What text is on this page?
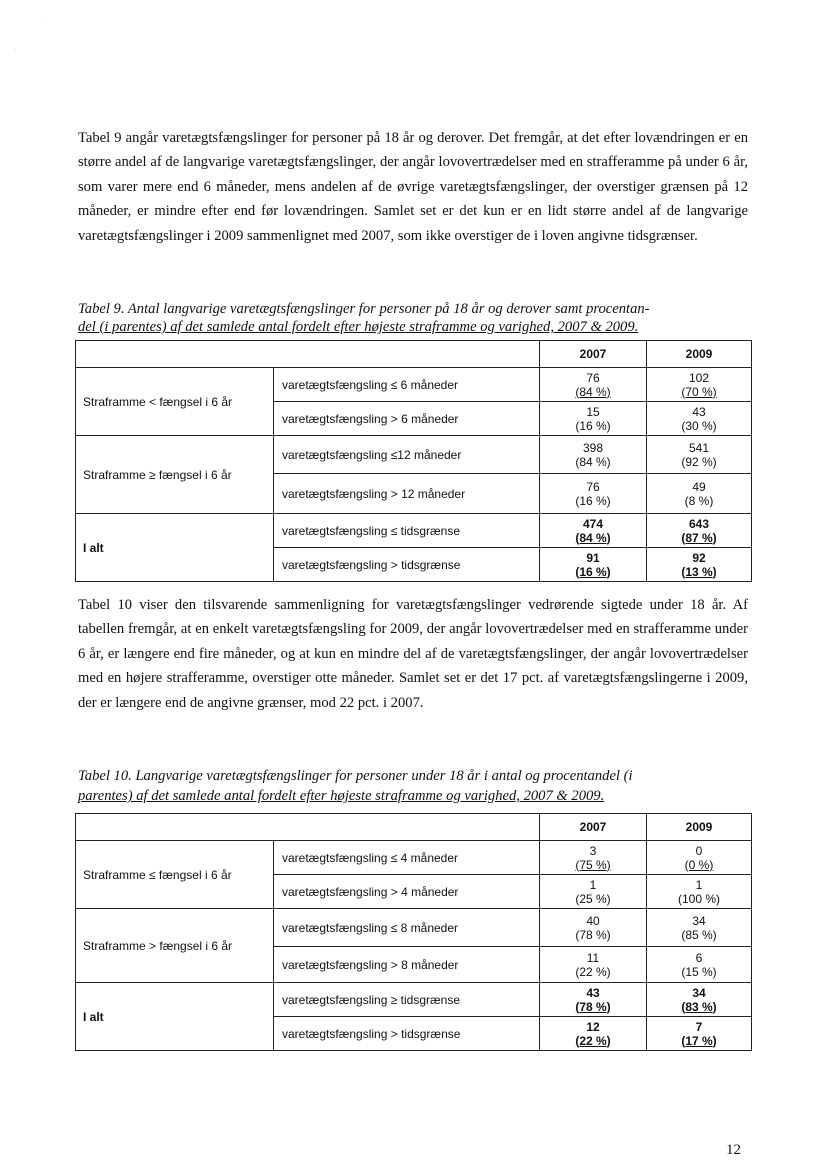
·
·

Tabel 9 angår varetægtsfængslinger for personer på 18 år og derover. Det fremgår, at det efter lovændringen er en større andel af de langvarige varetægtsfængslinger, der angår lovovertrædelser med en strafferamme på under 6 år, som varer mere end 6 måneder, mens andelen af de øvrige varetægtsfængslinger, der overstiger grænsen på 12 måneder, er mindre efter end før lovændringen. Samlet set er det kun er en lidt større andel af de langvarige varetægtsfængslinger i 2009 sammenlignet med 2007, som ikke overstiger de i loven angivne tidsgrænser.

Tabel 9. Antal langvarige varetægtsfængslinger for personer på 18 år og derover samt procentan-
del (i parentes) af det samlede antal fordelt efter højeste straframme og varighed, 2007 & 2009.
		2007	2009
Straframme < fængsel i 6 år	varetægtsfængsling ≤ 6 måneder	76
(84 %)	102
(70 %)

	varetægtsfængsling > 6 måneder	15
(16 %)	43
(30 %)

Straframme ≥ fængsel i 6 år	varetægtsfængsling ≤12 måneder	398
(84 %)	541
(92 %)

	varetægtsfængsling > 12 måneder	76
(16 %)	49
(8 %)

I alt	varetægtsfængsling ≤ tidsgrænse	474
(84 %)	643
(87 %)

	varetægtsfængsling > tidsgrænse	91
(16 %)	92
(13 %)

Tabel 10 viser den tilsvarende sammenligning for varetægtsfængslinger vedrørende sigtede under 18 år. Af tabellen fremgår, at en enkelt varetægtsfængsling for 2009, der angår lovovertrædelser med en strafferamme under 6 år, er længere end fire måneder, og at kun en mindre del af de varetægtsfængslinger, der angår lovovertrædelser med en højere strafferamme, overstiger otte måneder. Samlet set er det 17 pct. af varetægtsfængslingerne i 2009, der er længere end de angivne grænser, mod 22 pct. i 2007.

Tabel 10. Langvarige varetægtsfængslinger for personer under 18 år i antal og procentandel (i
parentes) af det samlede antal fordelt efter højeste straframme og varighed, 2007 & 2009.
		2007	2009
Straframme ≤ fængsel i 6 år	varetægtsfængsling ≤ 4 måneder	3
(75 %)	0
(0 %)

	varetægtsfængsling > 4 måneder	1
(25 %)	1
(100 %)

Straframme > fængsel i 6 år	varetægtsfængsling ≤ 8 måneder	40
(78 %)	34
(85 %)

	varetægtsfængsling > 8 måneder	11
(22 %)	6
(15 %)

I alt	varetægtsfængsling ≥ tidsgrænse	43
(78 %)	34
(83 %)

	varetægtsfængsling > tidsgrænse	12
(22 %)	7
(17 %)
12
